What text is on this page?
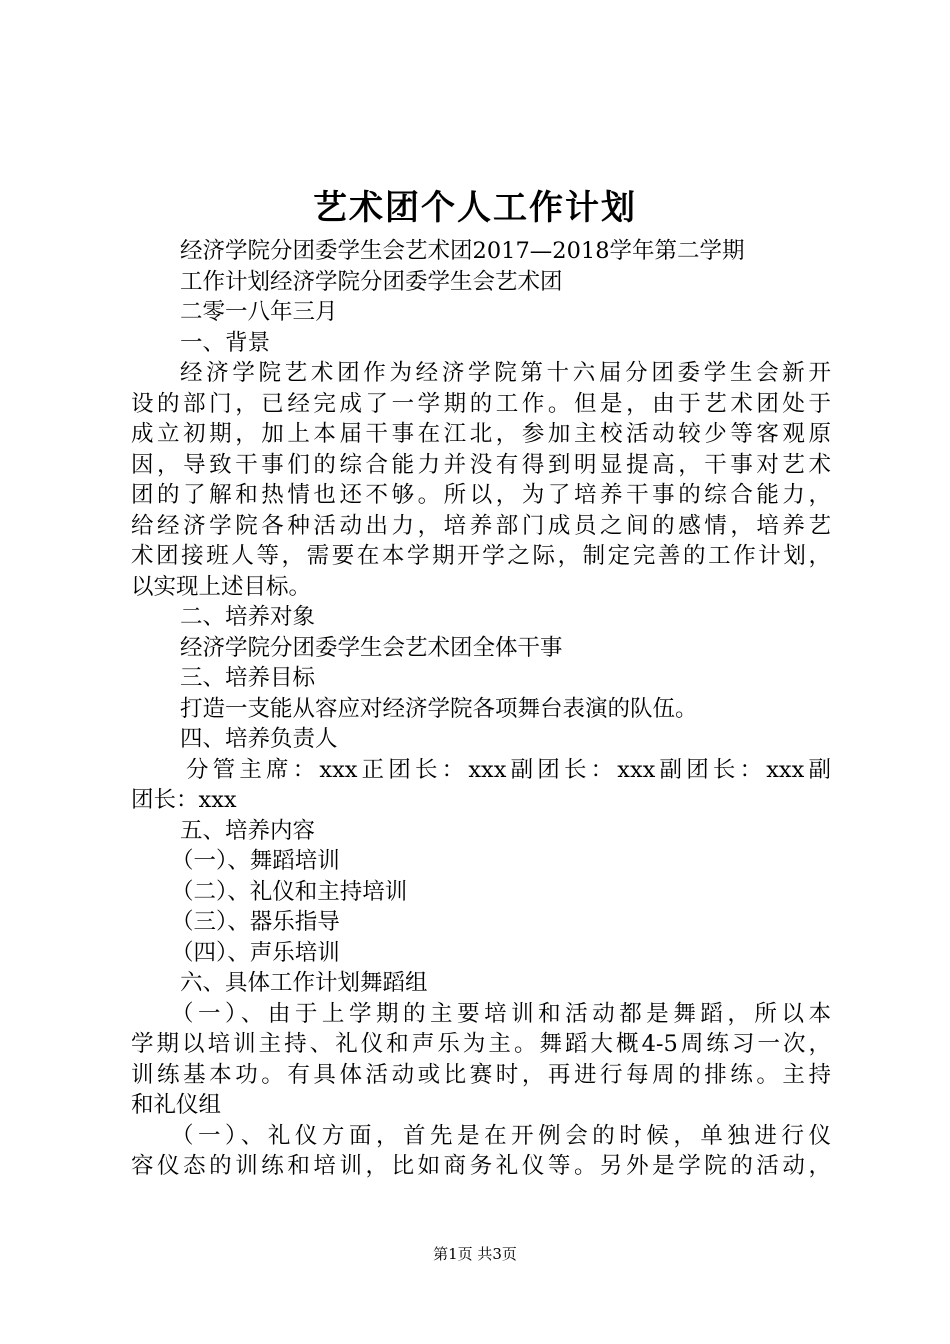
艺术团个人工作计划
经济学院分团委学生会艺术团2017—2018学年第二学期
工作计划经济学院分团委学生会艺术团
二零一八年三月
一、背景
经济学院艺术团作为经济学院第十六届分团委学生会新开
设的部门，已经完成了一学期的工作。但是，由于艺术团处于
成立初期，加上本届干事在江北，参加主校活动较少等客观原
因，导致干事们的综合能力并没有得到明显提高，干事对艺术
团的了解和热情也还不够。所以，为了培养干事的综合能力，
给经济学院各种活动出力，培养部门成员之间的感情，培养艺
术团接班人等，需要在本学期开学之际，制定完善的工作计划，
以实现上述目标。
二、培养对象
经济学院分团委学生会艺术团全体干事
三、培养目标
打造一支能从容应对经济学院各项舞台表演的队伍。
四、培养负责人
分管主席：xxx正团长：xxx副团长：xxx副团长：xxx副
团长：xxx
五、培养内容
（一）、舞蹈培训
（二）、礼仪和主持培训
（三）、器乐指导
（四）、声乐培训
六、具体工作计划舞蹈组
（一）、由于上学期的主要培训和活动都是舞蹈，所以本
学期以培训主持、礼仪和声乐为主。舞蹈大概4-5周练习一次，
训练基本功。有具体活动或比赛时，再进行每周的排练。主持
和礼仪组
（一）、礼仪方面，首先是在开例会的时候，单独进行仪
容仪态的训练和培训，比如商务礼仪等。另外是学院的活动，
第1页 共3页
